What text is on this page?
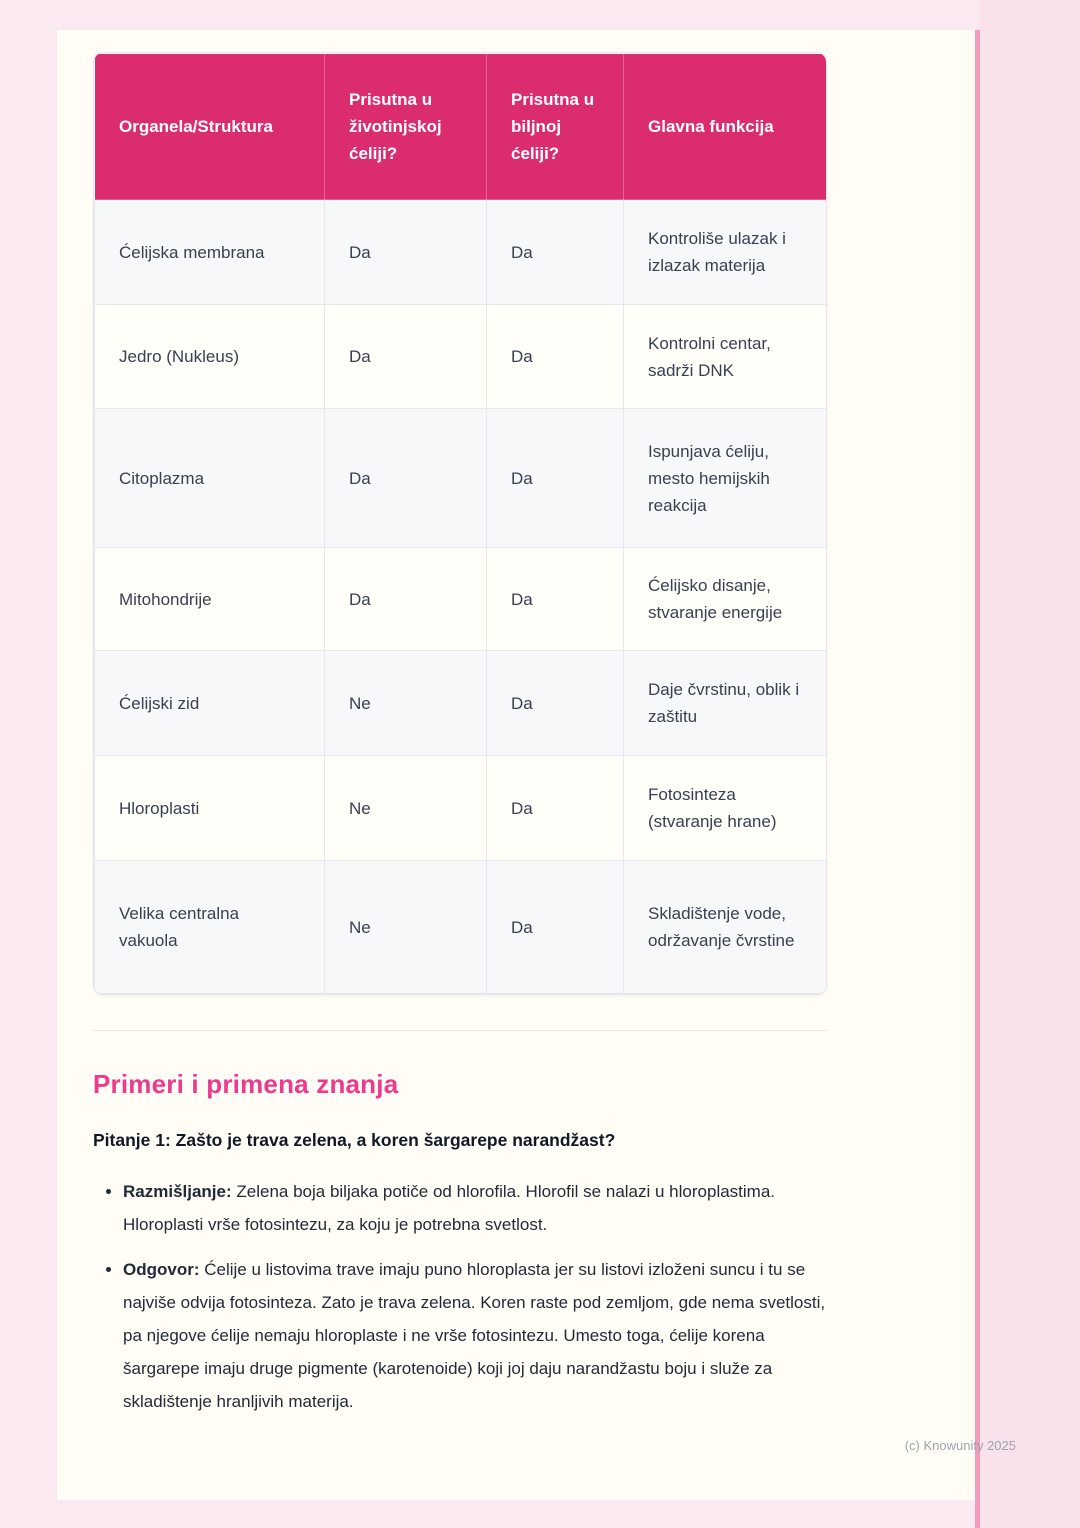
Organela/Struktura	Prisutna u životinjskoj ćeliji?	Prisutna u biljnoj ćeliji?	Glavna funkcija
Ćelijska membrana	Da	Da	Kontroliše ulazak i izlazak materija
Jedro (Nukleus)	Da	Da	Kontrolni centar, sadrži DNK
Citoplazma	Da	Da	Ispunjava ćeliju, mesto hemijskih reakcija
Mitohondrije	Da	Da	Ćelijsko disanje, stvaranje energije
Ćelijski zid	Ne	Da	Daje čvrstinu, oblik i zaštitu
Hloroplasti	Ne	Da	Fotosinteza (stvaranje hrane)
Velika centralna vakuola	Ne	Da	Skladištenje vode, održavanje čvrstine
Primeri i primena znanja

Pitanje 1: Zašto je trava zelena, a koren šargarepe narandžast?

• Razmišljanje: Zelena boja biljaka potiče od hlorofila. Hlorofil se nalazi u hloroplastima. Hloroplasti vrše fotosintezu, za koju je potrebna svetlost.
• Odgovor: Ćelije u listovima trave imaju puno hloroplasta jer su listovi izloženi suncu i tu se najviše odvija fotosinteza. Zato je trava zelena. Koren raste pod zemljom, gde nema svetlosti, pa njegove ćelije nemaju hloroplaste i ne vrše fotosintezu. Umesto toga, ćelije korena šargarepe imaju druge pigmente (karotenoide) koji joj daju narandžastu boju i služe za skladištenje hranljivih materija.
(c) Knowunity 2025
